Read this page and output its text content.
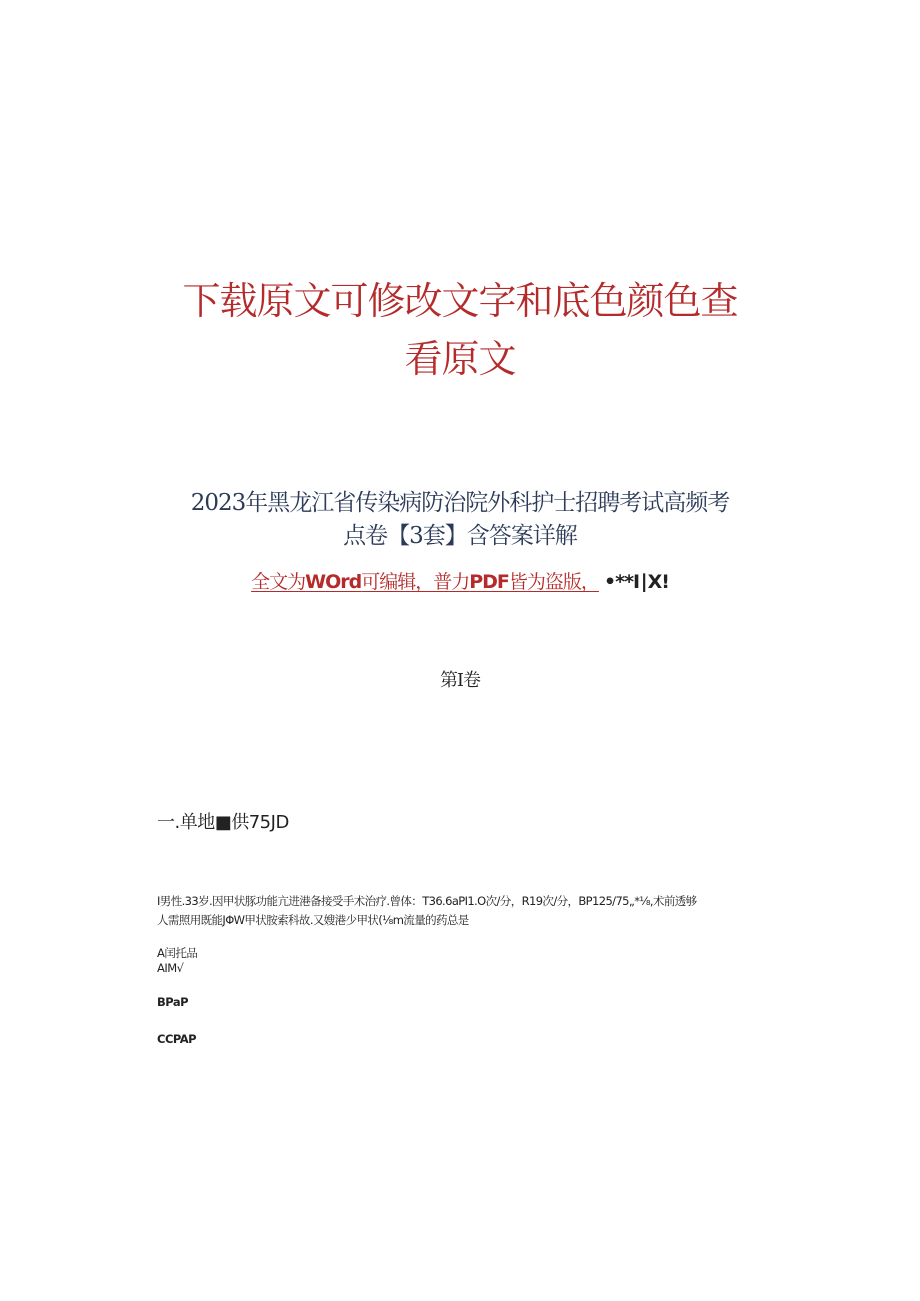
下载原文可修改文字和底色颜色查
看原文
2023年黑龙江省传染病防治院外科护士招聘考试高频考
点卷【3套】含答案详解
全文为WOrd可编辑，普力PDF皆为盗版， •**I∣X!
第I卷
一.单地■供75JD
I男性.33岁.因甲状豚功能亢进港备接受手术治疗.曾体：T36.6aPI1.O次/分，R19次/分，BP125/75„*⅛,术前透够
人需照用既能JΦW甲状胺索科故.又嫂港少甲状(⅛m流量的药总是
A闰托品
AIM√
BPaP
CCPAP
